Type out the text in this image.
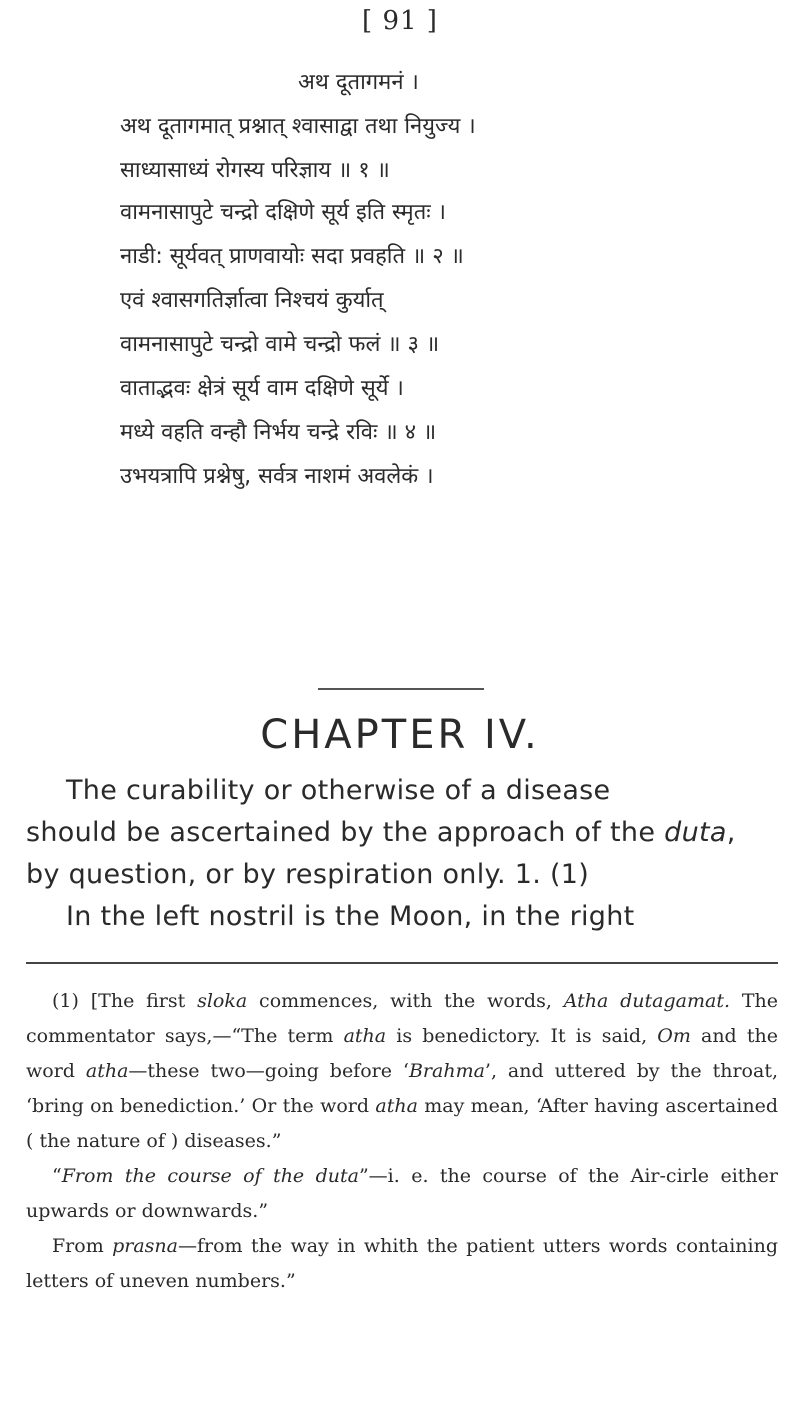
[ 91 ]
अथ दूतागमनं ।
अथ दूतागमात् प्रश्नात् श्वासाद्वा तथा नियुज्य ।
साध्यासाध्यं रोगस्य परिज्ञाय ॥ १ ॥
वामनासापुटे चन्द्रो दक्षिणे सूर्य इति स्मृतः ।
नाडी: सूर्यवत् प्राणवायोः सदा प्रवहति ॥ २ ॥
एवं श्वासगतिर्ज्ञात्वा निश्चयं कुर्यात्
वामनासापुटे चन्द्रो वामे चन्द्रो फलं ॥ ३ ॥
वाताद्भवः क्षेत्रं सूर्य वाम दक्षिणे सूर्ये ।
मध्ये वहति वन्हौ निर्भय चन्द्रे रविः ॥ ४ ॥
उभयत्रापि प्रश्नेषु, सर्वत्र नाशमं अवलेकं ।
CHAPTER IV.

The curability or otherwise of a disease

should be ascertained by the approach of the duta, by question, or by respiration only. 1. (1)

In the left nostril is the Moon, in the right

(1) [The first sloka commences, with the words, Atha dutagamat. The commentator says,—“The term atha is benedictory. It is said, Om and the word atha—these two—going before ‘Brahma’, and uttered by the throat, ‘bring on benediction.’ Or the word atha may mean, ‘After having ascertained ( the nature of ) diseases.”

“From the course of the duta”—i. e. the course of the Air-cirle either upwards or downwards.”

From prasna—from the way in whith the patient utters words containing letters of uneven numbers.”
